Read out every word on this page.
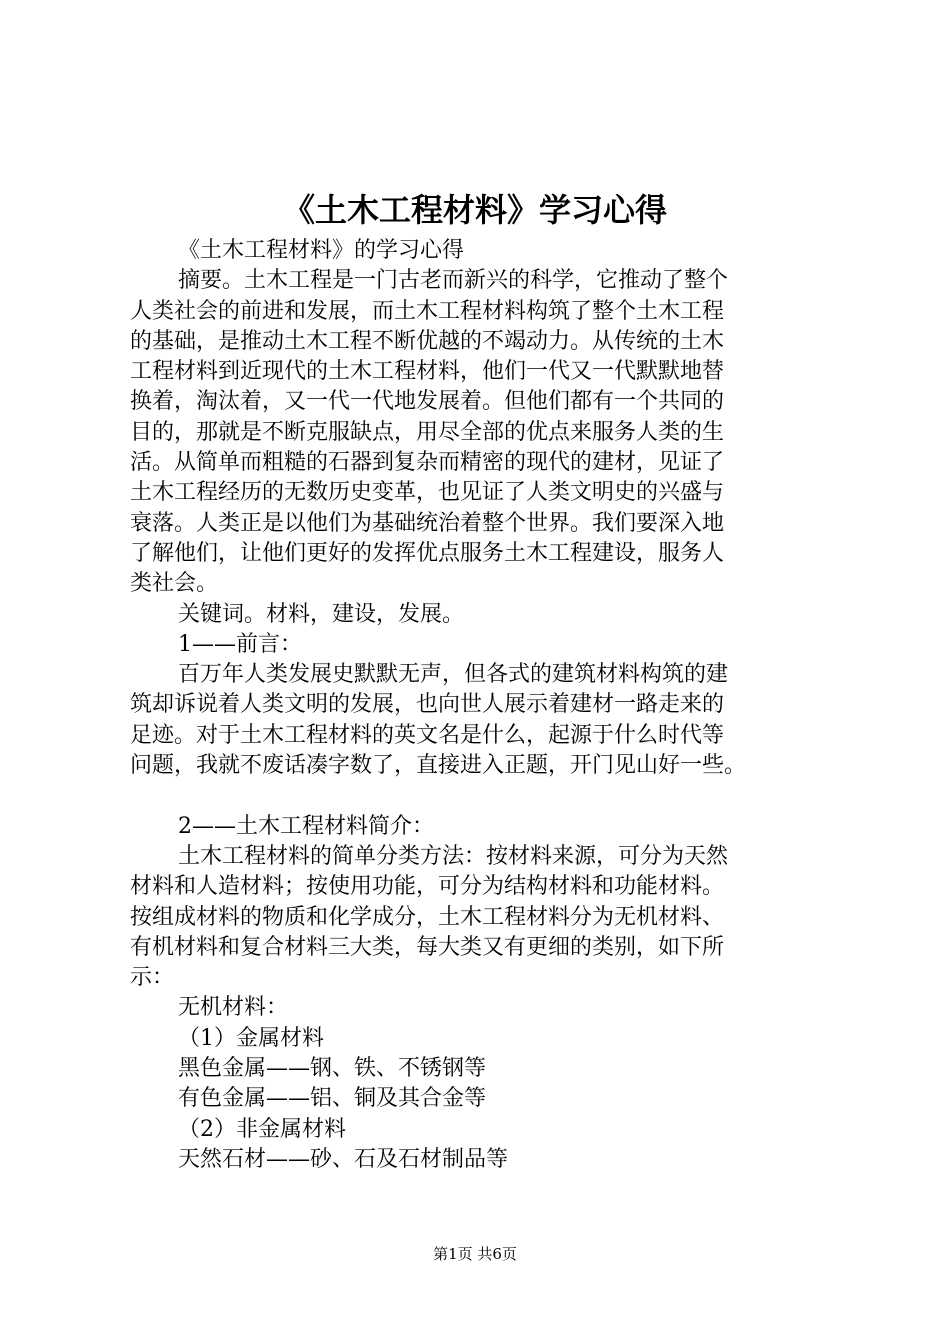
《土木工程材料》学习心得

《土木工程材料》的学习心得

摘要。土木工程是一门古老而新兴的科学，它推动了整个

人类社会的前进和发展，而土木工程材料构筑了整个土木工程

的基础，是推动土木工程不断优越的不竭动力。从传统的土木

工程材料到近现代的土木工程材料，他们一代又一代默默地替

换着，淘汰着，又一代一代地发展着。但他们都有一个共同的

目的，那就是不断克服缺点，用尽全部的优点来服务人类的生

活。从简单而粗糙的石器到复杂而精密的现代的建材，见证了

土木工程经历的无数历史变革，也见证了人类文明史的兴盛与

衰落。人类正是以他们为基础统治着整个世界。我们要深入地

了解他们，让他们更好的发挥优点服务土木工程建设，服务人

类社会。

关键词。材料，建设，发展。

1——前言：

百万年人类发展史默默无声，但各式的建筑材料构筑的建

筑却诉说着人类文明的发展，也向世人展示着建材一路走来的

足迹。对于土木工程材料的英文名是什么，起源于什么时代等

问题，我就不废话凑字数了，直接进入正题，开门见山好一些。

2——土木工程材料简介：

土木工程材料的简单分类方法：按材料来源，可分为天然

材料和人造材料；按使用功能，可分为结构材料和功能材料。

按组成材料的物质和化学成分，土木工程材料分为无机材料、

有机材料和复合材料三大类，每大类又有更细的类别，如下所

示：

无机材料：

（1）金属材料

黑色金属——钢、铁、不锈钢等

有色金属——铝、铜及其合金等

（2）非金属材料

天然石材——砂、石及石材制品等

第1页 共6页
